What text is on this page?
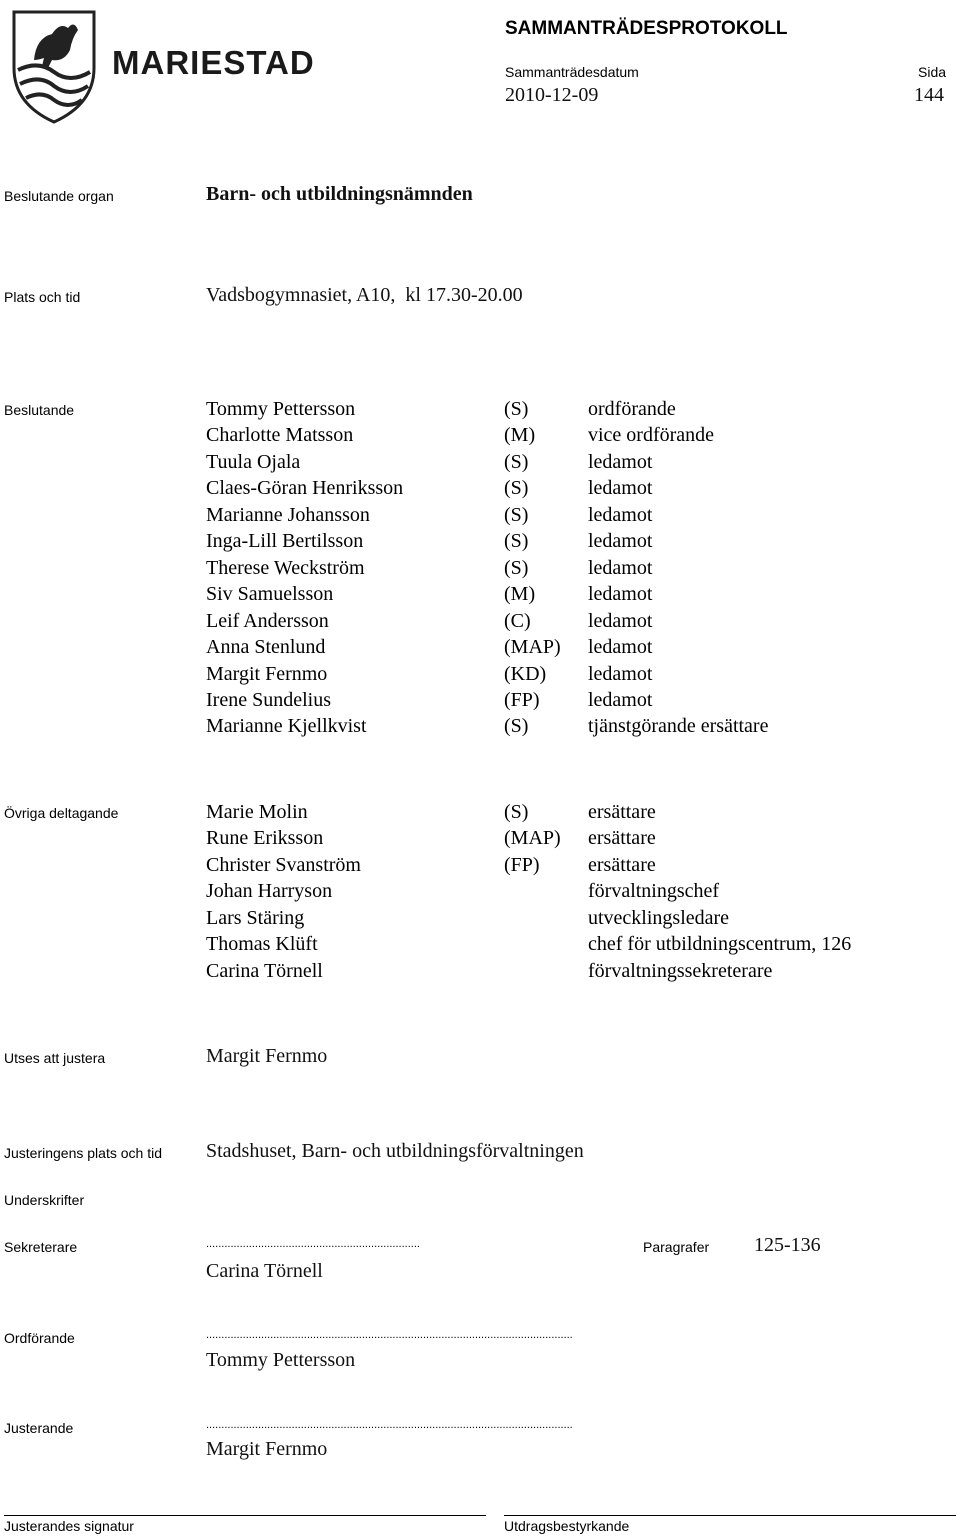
MARIESTAD
SAMMANTRÄDESPROTOKOLL
Sammanträdesdatum	Sida
2010-12-09	144
Beslutande organ	Barn- och utbildningsnämnden
Plats och tid	Vadsbogymnasiet, A10,  kl 17.30-20.00
Beslutande	Tommy Pettersson	(S)	ordförande
Charlotte Matsson	(M)	vice ordförande
Tuula Ojala	(S)	ledamot
Claes-Göran Henriksson	(S)	ledamot
Marianne Johansson	(S)	ledamot
Inga-Lill Bertilsson	(S)	ledamot
Therese Weckström	(S)	ledamot
Siv Samuelsson	(M)	ledamot
Leif Andersson	(C)	ledamot
Anna Stenlund	(MAP) ledamot
Margit Fernmo	(KD) ledamot
Irene Sundelius	(FP) ledamot
Marianne Kjellkvist	(S)	tjänstgörande ersättare
Övriga deltagande	Marie Molin	(S)	ersättare
Rune Eriksson	(MAP) ersättare
Christer Svanström	(FP) ersättare
Johan Harryson	förvaltningschef
Lars Stäring	utvecklingsledare
Thomas Klüft	chef för utbildningscentrum, 126
Carina Törnell	förvaltningssekreterare
Utses att justera	Margit Fernmo
Justeringens plats och tid Stadshuset, Barn- och utbildningsförvaltningen
Underskrifter
Sekreterare	......................................................................	Paragrafer 125-136
Carina Törnell
Ordförande	........................................................................................................................
Tommy Pettersson
Justerande	........................................................................................................................
Margit Fernmo
Justerandes signatur	Utdragsbestyrkande
